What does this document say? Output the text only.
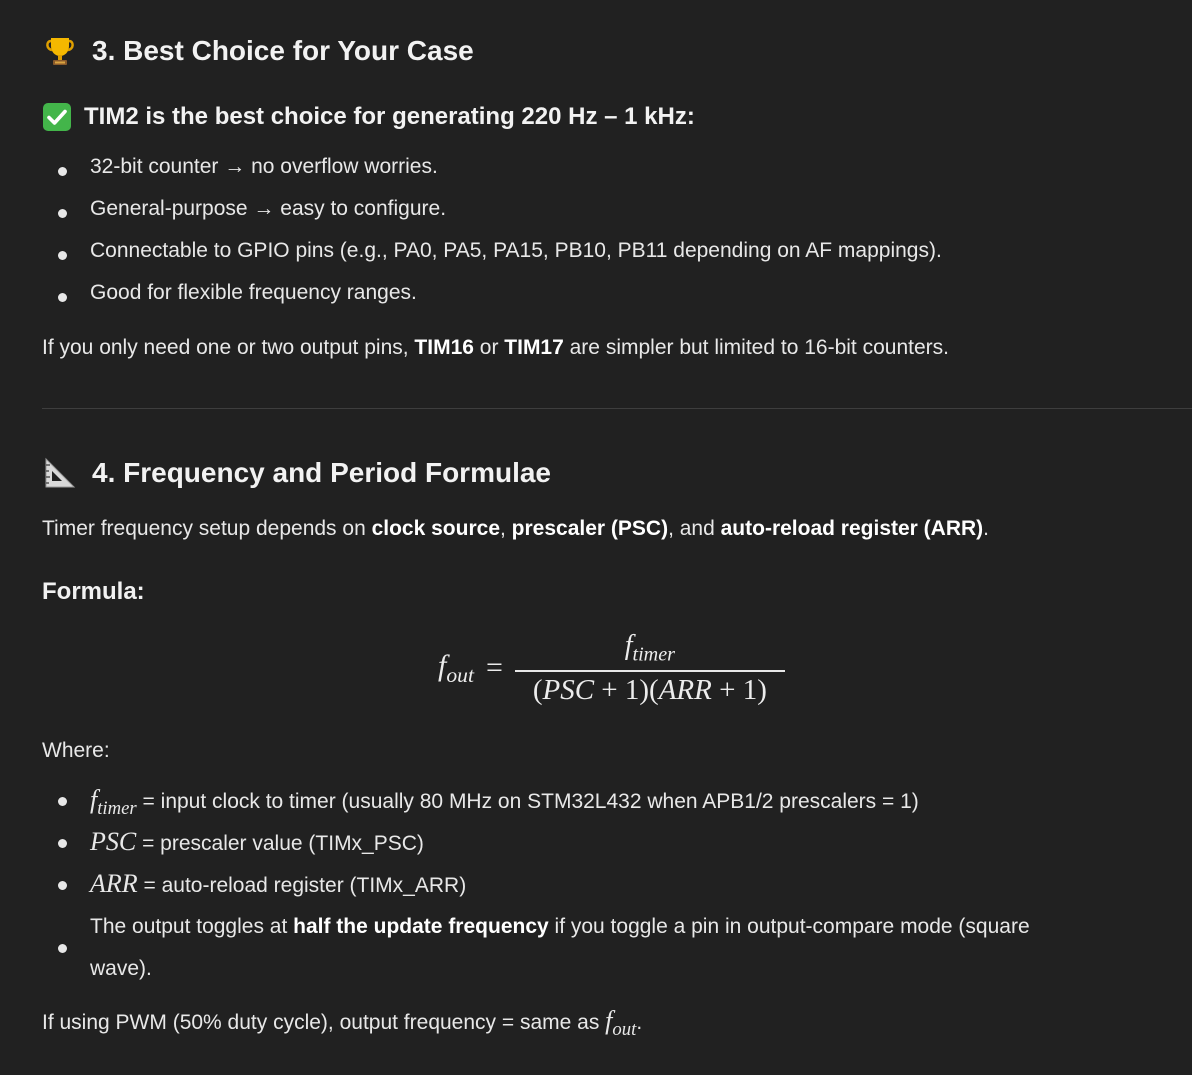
3. Best Choice for Your Case
TIM2 is the best choice for generating 220 Hz – 1 kHz:
32-bit counter → no overflow worries.
General-purpose → easy to configure.
Connectable to GPIO pins (e.g., PA0, PA5, PA15, PB10, PB11 depending on AF mappings).
Good for flexible frequency ranges.
If you only need one or two output pins, TIM16 or TIM17 are simpler but limited to 16-bit counters.
4. Frequency and Period Formulae
Timer frequency setup depends on clock source, prescaler (PSC), and auto-reload register (ARR).
Formula:
$f_{out} = \frac{f_{timer}}{\text{(PSC + 1)(ARR + 1)}}$
Where:
$f_{timer}$ = input clock to timer (usually 80 MHz on STM32L432 when APB1/2 prescalers = 1)
PSC = prescaler value (TIMx_PSC)
ARR = auto-reload register (TIMx_ARR)
The output toggles at half the update frequency if you toggle a pin in output-compare mode (square
wave).
If using PWM (50% duty cycle), output frequency = same as $f_{out}$.
